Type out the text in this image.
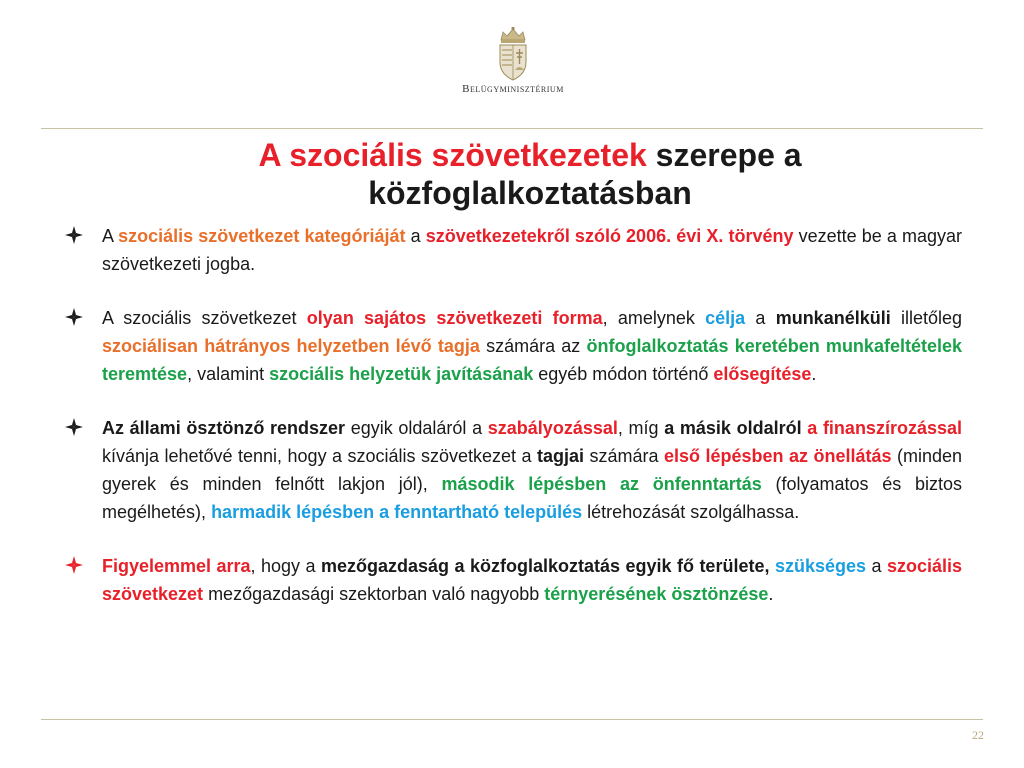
Belügyminisztérium
A szociális szövetkezetek szerepe a
közfoglalkoztatásban
A szociális szövetkezet kategóriáját a szövetkezetekről szóló 2006. évi X. törvény vezette be a magyar szövetkezeti jogba.
A szociális szövetkezet olyan sajátos szövetkezeti forma, amelynek célja a munkanélküli illetőleg szociálisan hátrányos helyzetben lévő tagja számára az önfoglalkoztatás keretében munkafeltételek teremtése, valamint szociális helyzetük javításának egyéb módon történő elősegítése.
Az állami ösztönző rendszer egyik oldaláról a szabályozással, míg a másik oldalról a finanszírozással kívánja lehetővé tenni, hogy a szociális szövetkezet a tagjai számára első lépésben az önellátás (minden gyerek és minden felnőtt lakjon jól), második lépésben az önfenntartás (folyamatos és biztos megélhetés), harmadik lépésben a fenntartható település létrehozását szolgálhassa.
Figyelemmel arra, hogy a mezőgazdaság a közfoglalkoztatás egyik fő területe, szükséges a szociális szövetkezet mezőgazdasági szektorban való nagyobb térnyerésének ösztönzése.
22
